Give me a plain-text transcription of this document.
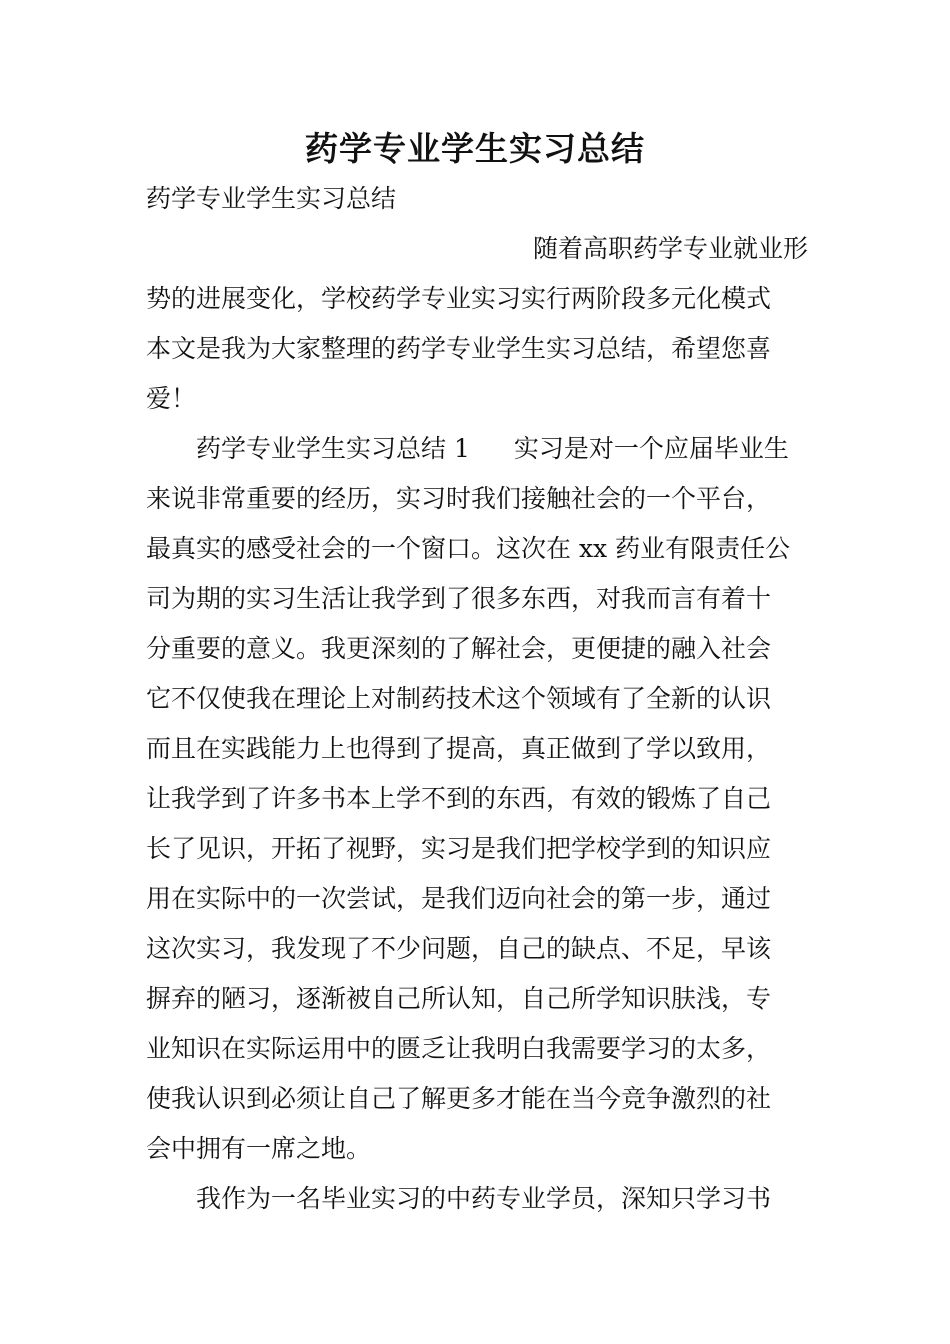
药学专业学生实习总结
药学专业学生实习总结
随着高职药学专业就业形
势的进展变化，学校药学专业实习实行两阶段多元化模式
本文是我为大家整理的药学专业学生实习总结，希望您喜
爱！
药学专业学生实习总结 1 实习是对一个应届毕业生
来说非常重要的经历，实习时我们接触社会的一个平台，
最真实的感受社会的一个窗口。这次在 xx 药业有限责任公
司为期的实习生活让我学到了很多东西，对我而言有着十
分重要的意义。我更深刻的了解社会，更便捷的融入社会
它不仅使我在理论上对制药技术这个领域有了全新的认识
而且在实践能力上也得到了提高，真正做到了学以致用，
让我学到了许多书本上学不到的东西，有效的锻炼了自己
长了见识，开拓了视野，实习是我们把学校学到的知识应
用在实际中的一次尝试，是我们迈向社会的第一步，通过
这次实习，我发现了不少问题，自己的缺点、不足，早该
摒弃的陋习，逐渐被自己所认知，自己所学知识肤浅，专
业知识在实际运用中的匮乏让我明白我需要学习的太多，
使我认识到必须让自己了解更多才能在当今竞争激烈的社
会中拥有一席之地。
我作为一名毕业实习的中药专业学员，深知只学习书
